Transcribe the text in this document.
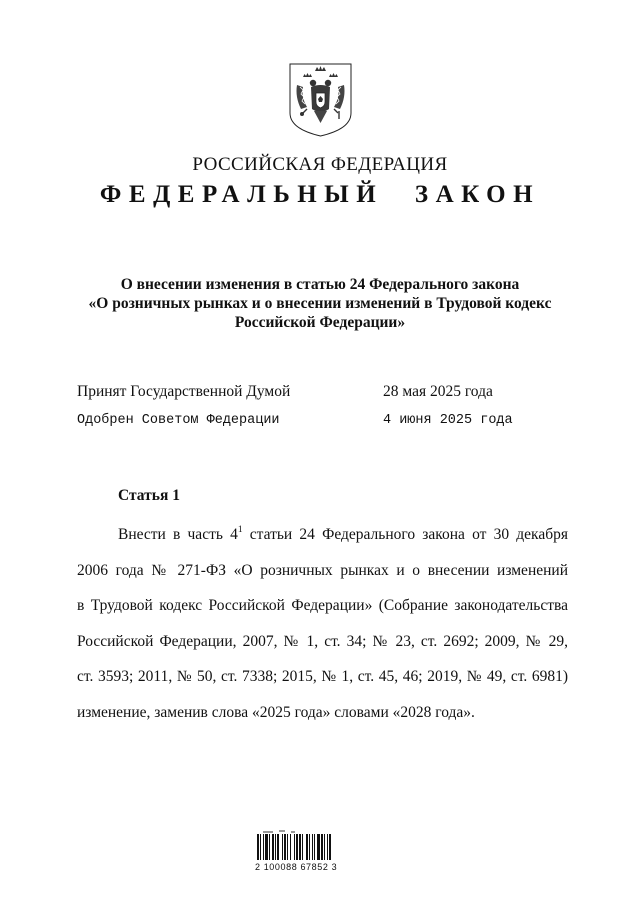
РОССИЙСКАЯ ФЕДЕРАЦИЯ
ФЕДЕРАЛЬНЫЙ ЗАКОН
О внесении изменения в статью 24 Федерального закона
«О розничных рынках и о внесении изменений в Трудовой кодекс
Российской Федерации»
Принят Государственной Думой	28 мая 2025 года
Одобрен Советом Федерации	4 июня 2025 года
Статья 1
Внести в часть $4^1$ статьи 24 Федерального закона от 30 декабря
2006 года № 271-ФЗ «О розничных рынках и о внесении изменений
в Трудовой кодекс Российской Федерации» (Собрание законодательства
Российской Федерации, 2007, № 1, ст. 34; № 23, ст. 2692; 2009, № 29,
ст. 3593; 2011, № 50, ст. 7338; 2015, № 1, ст. 45, 46; 2019, № 49, ст. 6981)
изменение, заменив слова «2025 года» словами «2028 года».
2 100088 67852 3
